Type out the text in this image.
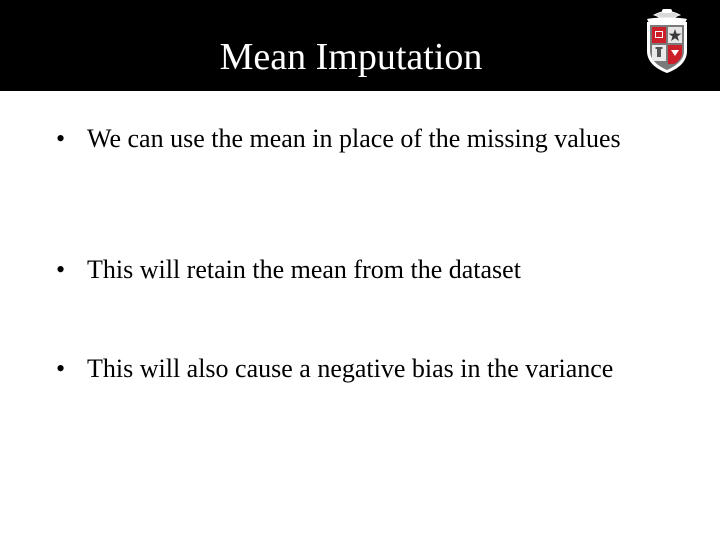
Mean Imputation
• We can use the mean in place of the missing values
• This will retain the mean from the dataset
• This will also cause a negative bias in the variance
